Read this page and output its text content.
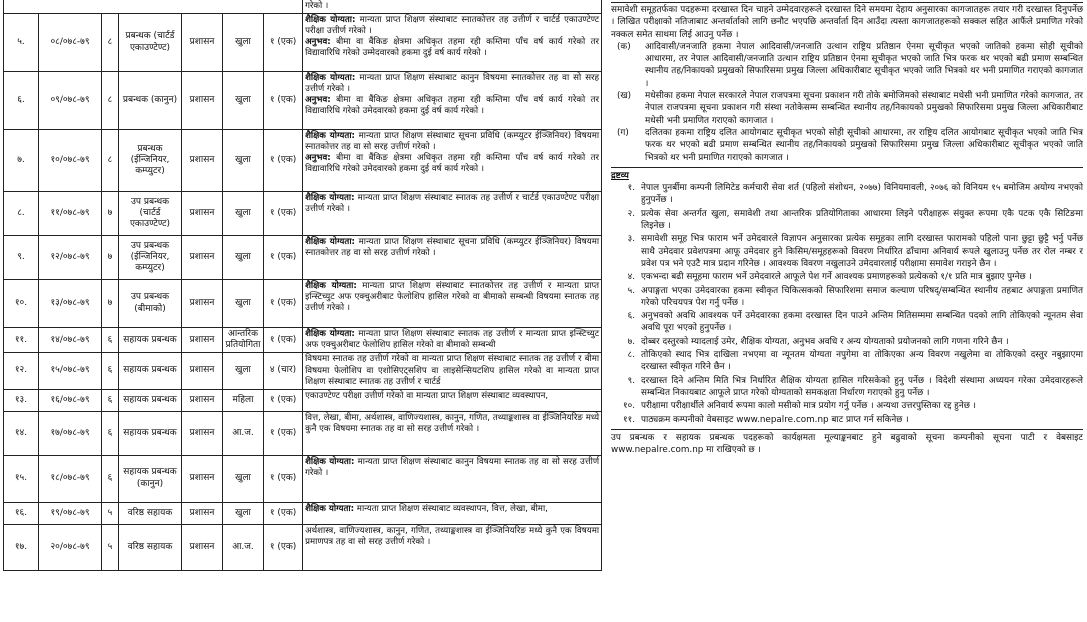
							गरेको ।
५.	०८/०७८-७९	८	प्रबन्धक (चार्टर्ड एकाउण्टेण्ट)	प्रशासन	खुला	१ (एक)	शैक्षिक योग्यता: मान्यता प्राप्त शिक्षण संस्थाबाट स्नातकोत्तर तह उत्तीर्ण र चार्टर्ड एकाउण्टेण्ट परीक्षा उत्तीर्ण गरेको ।
अनुभव: बीमा वा बैंकिङ क्षेत्रमा अधिकृत तहमा रही कम्तिमा पाँच वर्ष कार्य गरेको तर विद्यावारिधि गरेको उम्मेदवारको हकमा दुई वर्ष कार्य गरेको ।

६.	०९/०७८-७९	८	प्रबन्धक (कानुन)	प्रशासन	खुला	१ (एक)	शैक्षिक योग्यता: मान्यता प्राप्त शिक्षण संस्थाबाट कानुन विषयमा स्नातकोत्तर तह वा सो सरह उत्तीर्ण गरेको ।
अनुभव: बीमा वा बैंकिङ क्षेत्रमा अधिकृत तहमा रही कम्तिमा पाँच वर्ष कार्य गरेको तर विद्यावारिधि गरेको उमेदवारको हकमा दुई वर्ष कार्य गरेको ।

७.	१०/०७८-७९	८	प्रबन्धक (ईन्जिनियर, कम्प्युटर)	प्रशासन	खुला	१ (एक)	शैक्षिक योग्यता: मान्यता प्राप्त शिक्षण संस्थाबाट सूचना प्रविधि (कम्प्युटर ईञ्जिनियर) विषयमा स्नातकोत्तर तह वा सो सरह उत्तीर्ण गरेको ।
अनुभव: बीमा वा बैंकिङ क्षेत्रमा अधिकृत तहमा रही कम्तिमा पाँच वर्ष कार्य गरेको तर विद्यावारिधि गरेको उमेदवारको हकमा दुई वर्ष कार्य गरेको ।

८.	११/०७८-७९	७	उप प्रबन्धक (चार्टर्ड एकाउण्टेण्ट)	प्रशासन	खुला	१ (एक)	शैक्षिक योग्यता: मान्यता प्राप्त शिक्षण संस्थाबाट स्नातक तह उत्तीर्ण र चार्टर्ड एकाउण्टेण्ट परीक्षा उत्तीर्ण गरेको ।

९.	१२/०७८-७९	७	उप प्रबन्धक (ईन्जिनियर, कम्प्युटर)	प्रशासन	खुला	१ (एक)	शैक्षिक योग्यता: मान्यता प्राप्त शिक्षण संस्थाबाट सूचना प्रविधि (कम्प्युटर ईञ्जिनियर) विषयमा स्नातकोत्तर तह वा सो सरह उत्तीर्ण गरेको ।

१०.	१३/०७८-७९	७	उप प्रबन्धक (बीमाको)	प्रशासन	खुला	१ (एक)	शैक्षिक योग्यता: मान्यता प्राप्त शिक्षण संस्थाबाट स्नातकोत्तर तह उत्तीर्ण र मान्यता प्राप्त इन्स्टिच्युट अफ एक्चुअरीबाट फेलोशिप हासिल गरेको वा बीमाको सम्बन्धी विषयमा स्नातक तह उत्तीर्ण गरेको ।

११.	१४/०७८-७९	६	सहायक प्रबन्धक	प्रशासन	आन्तरिक प्रतियोगिता	१ (एक)	शैक्षिक योग्यता: मान्यता प्राप्त शिक्षण संस्थाबाट स्नातक तह उत्तीर्ण र मान्यता प्राप्त इन्स्टिच्युट अफ एक्चुअरीबाट फेलोशिप हासिल गरेको वा बीमाको सम्बन्धी

१२.	१५/०७८-७९	६	सहायक प्रबन्धक	प्रशासन	खुला	४ (चार)	विषयमा स्नातक तह उत्तीर्ण गरेको वा मान्यता प्राप्त शिक्षण संस्थाबाट स्नातक तह उत्तीर्ण र बीमा विषयमा फेलोशिप वा एशोसिएट्सशिप वा लाइसेन्सियटशिप हासिल गरेको वा मान्यता प्राप्त शिक्षण संस्थाबाट स्नातक तह उत्तीर्ण र चार्टर्ड

१३.	१६/०७८-७९	६	सहायक प्रबन्धक	प्रशासन	महिला	१ (एक)	एकाउण्टेण्ट परीक्षा उत्तीर्ण गरेको वा मान्यता प्राप्त शिक्षण संस्थाबाट व्यवस्थापन,

१४.	१७/०७८-७९	६	सहायक प्रबन्धक	प्रशासन	आ.ज.	१ (एक)	वित्त, लेखा, बीमा, अर्थशास्त्र, वाणिज्यशास्त्र, कानुन, गणित, तथ्याङ्कशास्त्र वा ईञ्जिनियरिङ मध्ये कुनै एक विषयमा स्नातक तह वा सो सरह उत्तीर्ण गरेको ।

१५.	१८/०७८-७९	६	सहायक प्रबन्धक (कानुन)	प्रशासन	खुला	१ (एक)	शैक्षिक योग्यता: मान्यता प्राप्त शिक्षण संस्थाबाट कानुन विषयमा स्नातक तह वा सो सरह उत्तीर्ण गरेको ।

१६.	१९/०७८-७९	५	वरिष्ठ सहायक	प्रशासन	खुला	१ (एक)	शैक्षिक योग्यता: मान्यता प्राप्त शिक्षण संस्थाबाट व्यवस्थापन, वित्त, लेखा, बीमा,

१७.	२०/०७८-७९	५	वरिष्ठ सहायक	प्रशासन	आ.ज.	१ (एक)	अर्थशास्त्र, वाणिज्यशास्त्र, कानुन, गणित, तथ्याङ्कशास्त्र वा ईञ्जिनियरिङ मध्ये कुनै एक विषयमा प्रमाणपत्र तह वा सो सरह उत्तीर्ण गरेको ।

समावेशी समूहतर्फका पदहरूमा दरखास्त दिन चाहने उम्मेदवारहरूले दरखास्त दिने समयमा देहाय अनुसारका कागजातहरू तयार गरी दरखास्त दिनुपर्नेछ । लिखित परीक्षाको नतिजाबाट अन्तर्वार्ताको लागि छनौट भएपछि अन्तर्वार्ता दिन आउँदा त्यस्ता कागजातहरूको सक्कल सहित आफैंले प्रमाणित गरेको नक्कल समेत साथमा लिई आउनु पर्नेछ ।

(क)	आदिवासी/जनजाति हकमा नेपाल आदिवासी/जनजाति उत्थान राष्ट्रिय प्रतिष्ठान ऐनमा सूचीकृत भएको जातिको हकमा सोही सूचीको आधारमा, तर नेपाल आदिवासी/जनजाति उत्थान राष्ट्रिय प्रतिष्ठान ऐनमा सूचीकृत भएको जाति भित्र फरक थर भएको बढी प्रमाण सम्बन्धित स्थानीय तह/निकायको प्रमुखको सिफारिसमा प्रमुख जिल्ला अधिकारीबाट सूचीकृत भएको जाति भित्रको थर भनी प्रमाणित गराएको कागजात ।
(ख)	मधेसीका हकमा नेपाल सरकारले नेपाल राजपत्रमा सूचना प्रकाशन गरी तोके बमोजिमको संस्थाबाट मधेसी भनी प्रमाणित गरेको कागजात, तर नेपाल राजपत्रमा सूचना प्रकाशन गरी संस्था नतोकेसम्म सम्बन्धित स्थानीय तह/निकायको प्रमुखको सिफारिसमा प्रमुख जिल्ला अधिकारीबाट मधेसी भनी प्रमाणित गराएको कागजात ।
(ग)	दलितका हकमा राष्ट्रिय दलित आयोगबाट सूचीकृत भएको सोही सूचीको आधारमा, तर राष्ट्रिय दलित आयोगबाट सूचीकृत भएको जाति भित्र फरक थर भएको बढी प्रमाण सम्बन्धित स्थानीय तह/निकायको प्रमुखको सिफारिसमा प्रमुख जिल्ला अधिकारीबाट सूचीकृत भएको जाति भित्रको थर भनी प्रमाणित गराएको कागजात ।

द्रष्टव्य

१. नेपाल पुनर्बीमा कम्पनी लिमिटेड कर्मचारी सेवा शर्त (पहिलो संशोधन, २०७७) विनियमावली, २०७६ को विनियम १५ बमोजिम अयोग्य नभएको हुनुपर्नेछ ।
२. प्रत्येक सेवा अन्तर्गत खुला, समावेशी तथा आन्तरिक प्रतियोगिताका आधारमा लिइने परीक्षाहरू संयुक्त रूपमा एकै पटक एकै सिटिङमा लिइनेछ ।
३. समावेशी समूह भित्र फाराम भर्ने उमेदवारले विज्ञापन अनुसारका प्रत्येक समूहका लागि दरखास्त फारामको पहिलो पाना छुट्टा छुट्टै भर्नु पर्नेछ साथै उमेदवार प्रवेशपत्रमा आफू उमेदवार हुने किसिम/समूहहरूको विवरण निर्धारित ढाँचामा अनिवार्य रूपले खुलाउनु पर्नेछ तर रोल नम्बर र प्रवेश पत्र भने एउटै मात्र प्रदान गरिनेछ । आवश्यक विवरण नखुलाउने उमेदवारलाई परीक्षामा समावेश गराइने छैन ।
४. एकभन्दा बढी समूहमा फाराम भर्ने उमेदवारले आफूले पेश गर्ने आवश्यक प्रमाणहरूको प्रत्येकको १/१ प्रति मात्र बुझाए पुग्नेछ ।
५. अपाङ्गता भएका उमेदवारका हकमा स्वीकृत चिकित्सकको सिफारिशमा समाज कल्याण परिषद्/सम्बन्धित स्थानीय तहबाट अपाङ्गता प्रमाणित गरेको परिचयपत्र पेश गर्नु पर्नेछ ।
६. अनुभवको अवधि आवश्यक पर्ने उमेदवारका हकमा दरखास्त दिन पाउने अन्तिम मितिसम्ममा सम्बन्धित पदको लागि तोकिएको न्यूनतम सेवा अवधि पूरा भएको हुनुपर्नेछ ।
७. दोब्बर दस्तुरको म्यादलाई उमेर, शैक्षिक योग्यता, अनुभव अवधि र अन्य योग्यताको प्रयोजनको लागि गणना गरिने छैन ।
८. तोकिएको स्थाद भित्र दाखिला नभएमा वा न्यूनतम योग्यता नपुगेमा वा तोकिएका अन्य विवरण नखुलेमा वा तोकिएको दस्तुर नबुझाएमा दरखास्त स्वीकृत गरिने छैन ।
९. दरखास्त दिने अन्तिम मिति भित्र निर्धारित शैक्षिक योग्यता हासिल गरिसकेको हुनु पर्नेछ । विदेशी संस्थामा अध्ययन गरेका उमेदवारहरूले सम्बन्धित निकायबाट आफूले प्राप्त गरेको योग्यताको समकक्षता निर्धारण गराएको हुनु पर्नेछ ।
१०. परीक्षामा परीक्षार्थीले अनिवार्य रूपमा कालो मसीको मात्र प्रयोग गर्नु पर्नेछ । अन्यथा उत्तरपुस्तिका रद्द हुनेछ ।
११. पाठ्यक्रम कम्पनीको वेबसाइट www.nepalre.com.np बाट प्राप्त गर्न सकिनेछ ।

उप प्रबन्धक र सहायक प्रबन्धक पदहरूको कार्यक्षमता मूल्याङ्कनबाट हुने बढुवाको सूचना कम्पनीको सूचना पाटी र वेबसाइट www.nepalre.com.np मा राखिएको छ ।
